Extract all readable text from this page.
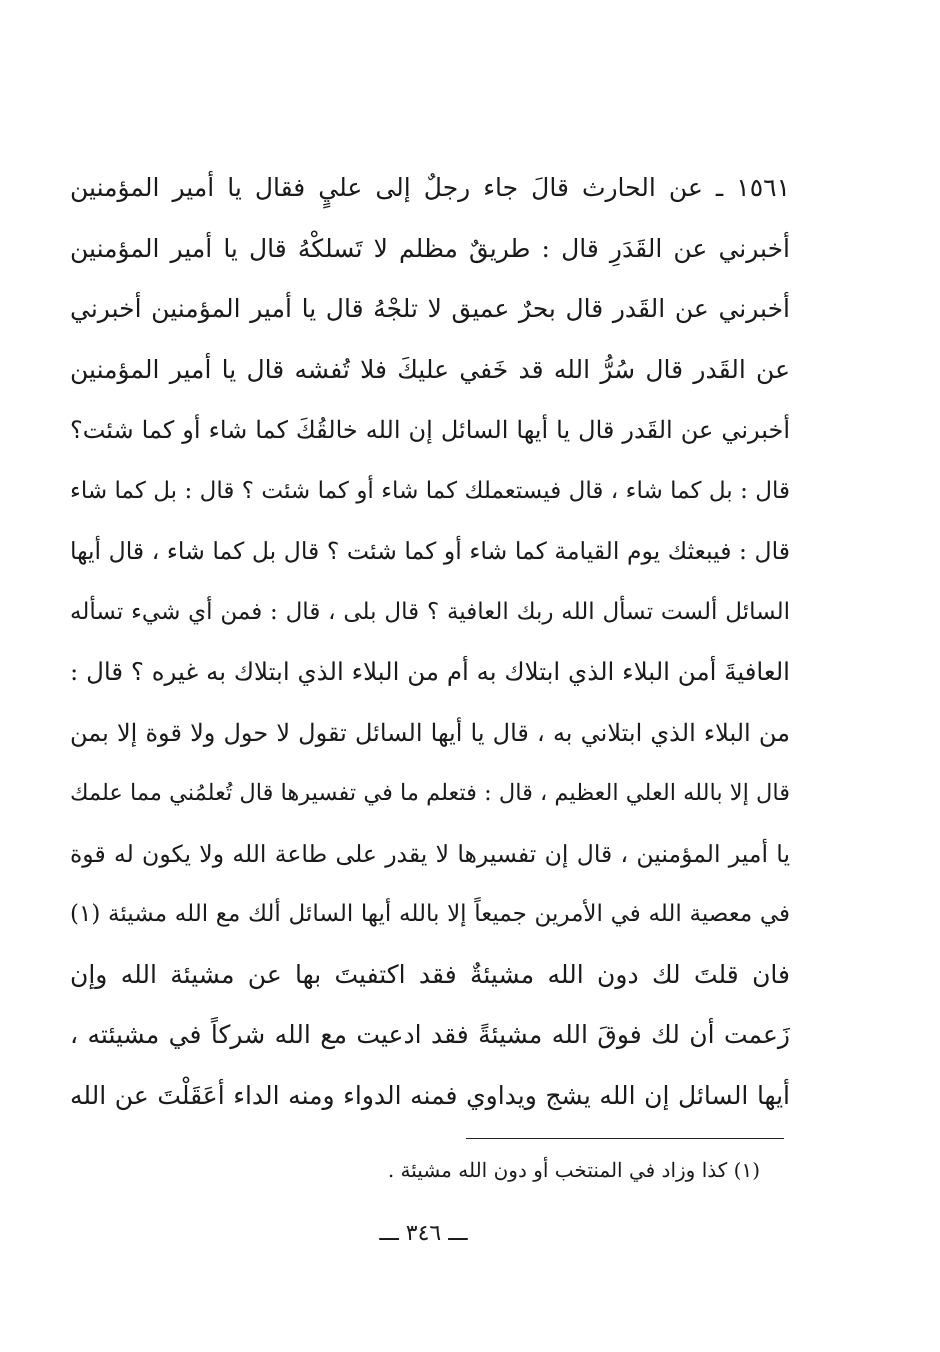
١٥٦١ ـ عن الحارث قالَ جاء رجلٌ إلى عليٍ فقال يا أمير المؤمنين
أخبرني عن القَدَرِ قال : طريقٌ مظلم لا تَسلكْهُ قال يا أمير المؤمنين
أخبرني عن القَدر قال بحرٌ عميق لا تلجْهُ قال يا أمير المؤمنين أخبرني
عن القَدر قال سُرُّ الله قد خَفي عليكَ فلا تُفشه قال يا أمير المؤمنين
أخبرني عن القَدر قال يا أيها السائل إن الله خالقُكَ كما شاء أو كما شئت؟
قال : بل كما شاء ، قال فيستعملك كما شاء أو كما شئت ؟ قال : بل كما شاء
قال : فيبعثك يوم القيامة كما شاء أو كما شئت ؟ قال بل كما شاء ، قال أيها
السائل ألست تسأل الله ربك العافية ؟ قال بلى ، قال : فمن أي شيء تسأله
العافيةَ أمن البلاء الذي ابتلاك به أم من البلاء الذي ابتلاك به غيره ؟ قال :
من البلاء الذي ابتلاني به ، قال يا أيها السائل تقول لا حول ولا قوة إلا بمن
قال إلا بالله العلي العظيم ، قال : فتعلم ما في تفسيرها قال تُعلمُني مما علمك
يا أمير المؤمنين ، قال إن تفسيرها لا يقدر على طاعة الله ولا يكون له قوة
في معصية الله في الأمرين جميعاً إلا بالله أيها السائل ألك مع الله مشيئة (١)
فان قلتَ لك دون الله مشيئةٌ فقد اكتفيتَ بها عن مشيئة الله وإن
زَعمت أن لك فوقَ الله مشيئةً فقد ادعيت مع الله شركاً في مشيئته ،
أيها السائل إن الله يشج ويداوي فمنه الدواء ومنه الداء أعَقَلْتَ عن الله
(١) كذا وزاد في المنتخب أو دون الله مشيئة .
ـــ ٣٤٦ ـــ
